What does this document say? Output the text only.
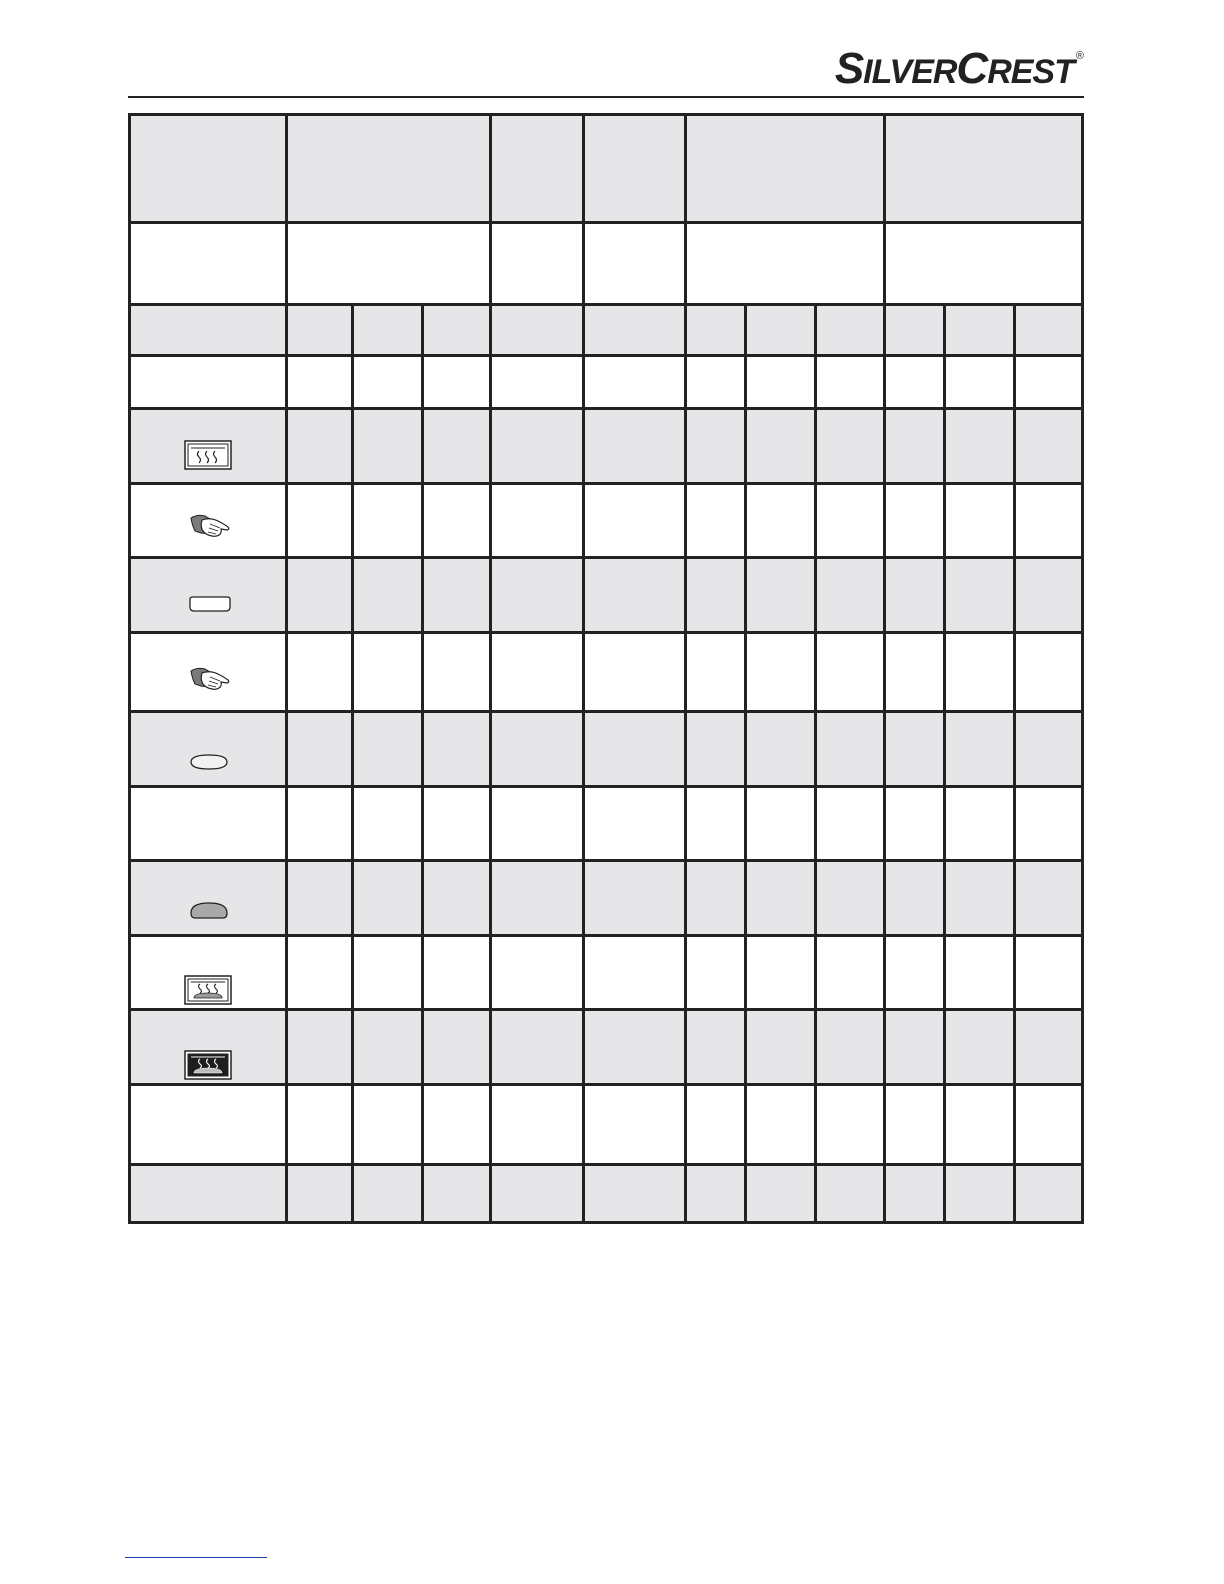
SILVERCREST ®
